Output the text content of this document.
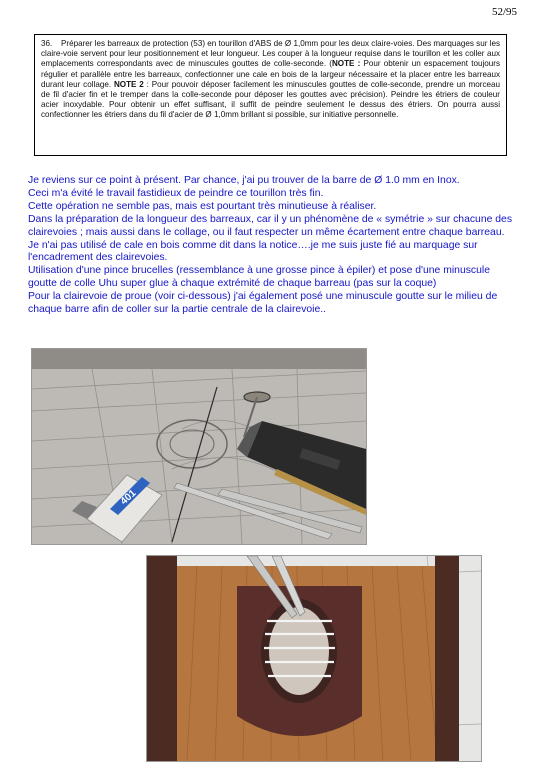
52/95
36. Préparer les barreaux de protection (53) en tourillon d'ABS de Ø 1,0mm pour les deux claire-voies. Des marquages sur les claire-voie servent pour leur positionnement et leur longueur. Les couper à la longueur requise dans le tourillon et les coller aux emplacements correspondants avec de minuscules gouttes de colle-seconde. (NOTE : Pour obtenir un espacement toujours régulier et parallèle entre les barreaux, confectionner une cale en bois de la largeur nécessaire et la placer entre les barreaux durant leur collage. NOTE 2 : Pour pouvoir déposer facilement les minuscules gouttes de colle-seconde, prendre un morceau de fil d'acier fin et le tremper dans la colle-seconde pour déposer les gouttes avec précision). Peindre les étriers de couleur acier inoxydable. Pour obtenir un effet suffisant, il suffit de peindre seulement le dessus des étriers. On pourra aussi confectionner les étriers dans du fil d'acier de Ø 1,0mm brillant si possible, sur initiative personnelle.

Je reviens sur ce point à présent. Par chance, j'ai pu trouver de la barre de Ø 1.0 mm en Inox.

Ceci m'a évité le travail fastidieux de peindre ce tourillon très fin.

Cette opération ne semble pas, mais est pourtant très minutieuse à réaliser.

Dans la préparation de la longueur des barreaux, car il y un phénomène de « symétrie » sur chacune des clairevoies ; mais aussi dans le collage, ou il faut respecter un même écartement entre chaque barreau.

Je n'ai pas utilisé de cale en bois comme dit dans la notice….je me suis juste fié au marquage sur l'encadrement des clairevoies.

Utilisation d'une pince brucelles (ressemblance à une grosse pince à épiler) et pose d'une minuscule goutte de colle Uhu super glue à chaque extrémité de chaque barreau (pas sur la coque)

Pour la clairevoie de proue (voir ci-dessous) j'ai également posé une minuscule goutte sur le milieu de chaque barre afin de coller sur la partie centrale de la clairevoie..

401
